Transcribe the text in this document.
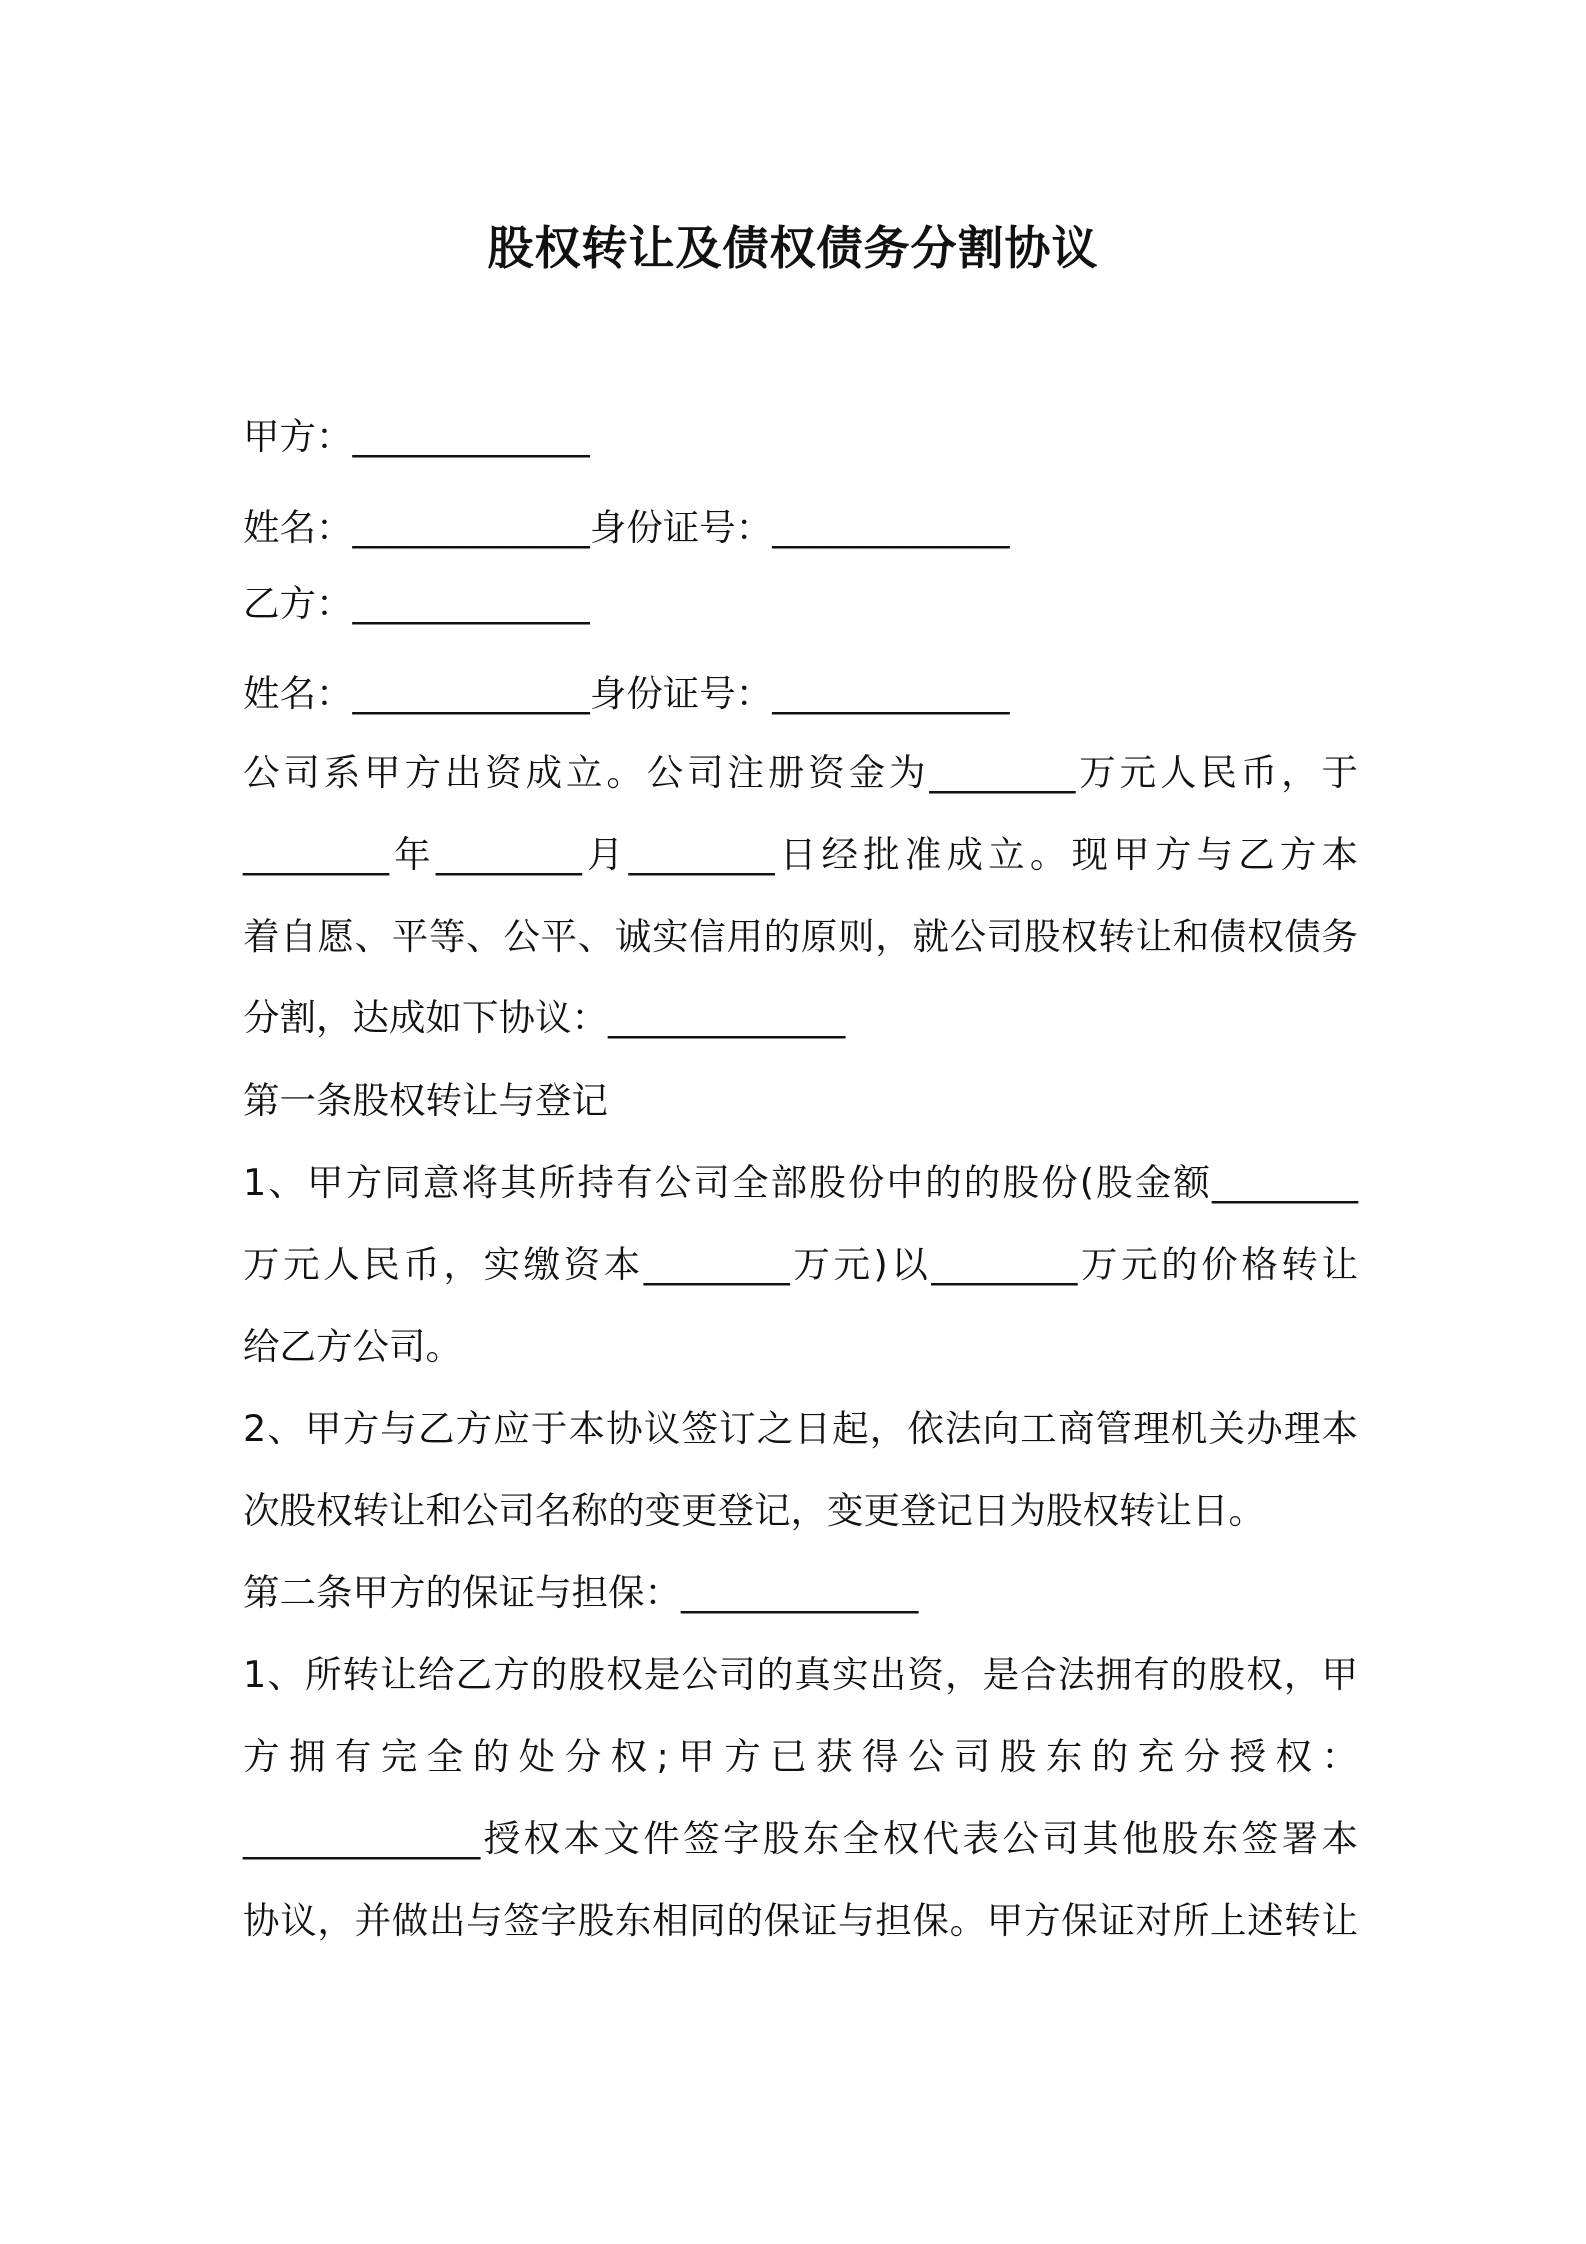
股权转让及债权债务分割协议

甲方：_____________

姓名：_____________身份证号：_____________

乙方：_____________

姓名：_____________身份证号：_____________

公司系甲方出资成立。公司注册资金为________万元人民币，于

________年________月________日经批准成立。现甲方与乙方本

着自愿、平等、公平、诚实信用的原则，就公司股权转让和债权债务

分割，达成如下协议：_____________

第一条股权转让与登记

1、甲方同意将其所持有公司全部股份中的的股份(股金额________

万元人民币，实缴资本________万元)以________万元的价格转让

给乙方公司。

2、甲方与乙方应于本协议签订之日起，依法向工商管理机关办理本

次股权转让和公司名称的变更登记，变更登记日为股权转让日。

第二条甲方的保证与担保：_____________

1、所转让给乙方的股权是公司的真实出资，是合法拥有的股权，甲

方拥有完全的处分权;甲方已获得公司股东的充分授权：

_____________授权本文件签字股东全权代表公司其他股东签署本

协议，并做出与签字股东相同的保证与担保。甲方保证对所上述转让
